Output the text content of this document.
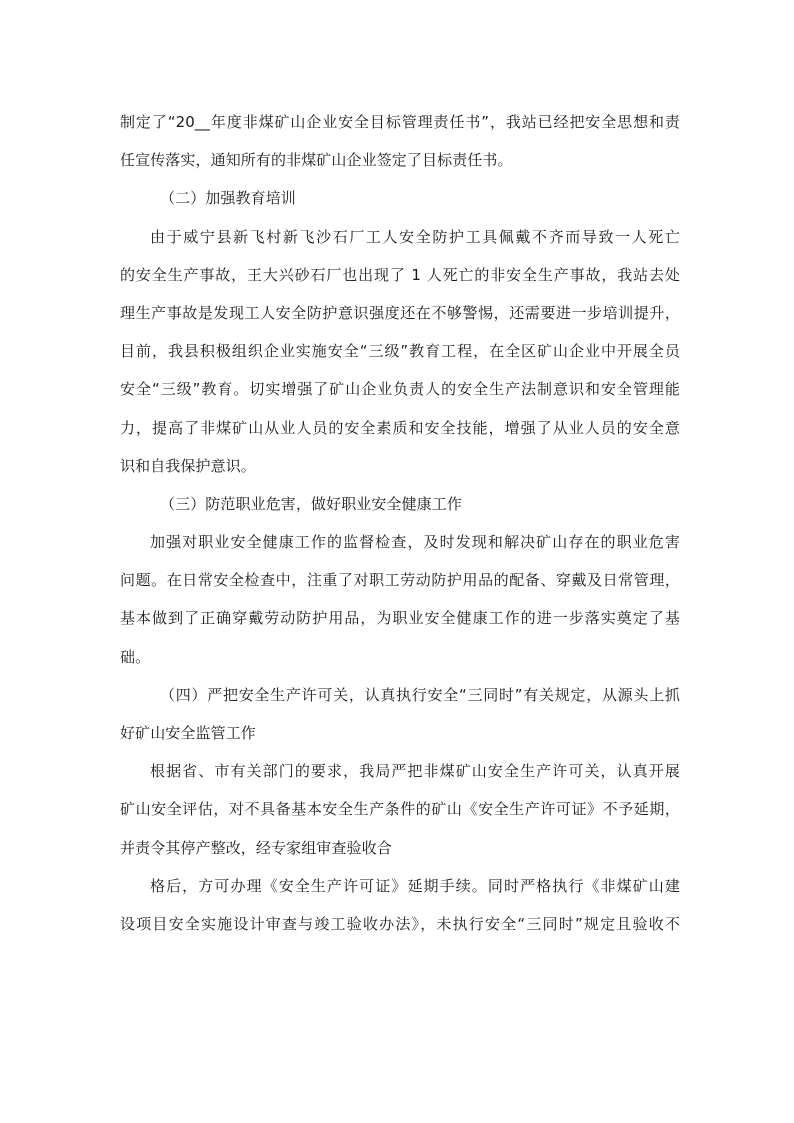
制定了“20__年度非煤矿山企业安全目标管理责任书”，我站已经把安全思想和责
任宣传落实，通知所有的非煤矿山企业签定了目标责任书。
（二）加强教育培训
由于威宁县新飞村新飞沙石厂工人安全防护工具佩戴不齐而导致一人死亡
的安全生产事故，王大兴砂石厂也出现了 1 人死亡的非安全生产事故，我站去处
理生产事故是发现工人安全防护意识强度还在不够警惕，还需要进一步培训提升，
目前，我县积极组织企业实施安全“三级”教育工程，在全区矿山企业中开展全员
安全“三级”教育。切实增强了矿山企业负责人的安全生产法制意识和安全管理能
力，提高了非煤矿山从业人员的安全素质和安全技能，增强了从业人员的安全意
识和自我保护意识。
（三）防范职业危害，做好职业安全健康工作
加强对职业安全健康工作的监督检查，及时发现和解决矿山存在的职业危害
问题。在日常安全检查中，注重了对职工劳动防护用品的配备、穿戴及日常管理，
基本做到了正确穿戴劳动防护用品，为职业安全健康工作的进一步落实奠定了基
础。
（四）严把安全生产许可关，认真执行安全“三同时”有关规定，从源头上抓
好矿山安全监管工作
根据省、市有关部门的要求，我局严把非煤矿山安全生产许可关，认真开展
矿山安全评估，对不具备基本安全生产条件的矿山《安全生产许可证》不予延期，
并责令其停产整改，经专家组审查验收合
格后，方可办理《安全生产许可证》延期手续。同时严格执行《非煤矿山建
设项目安全实施设计审查与竣工验收办法》，未执行安全“三同时”规定且验收不
